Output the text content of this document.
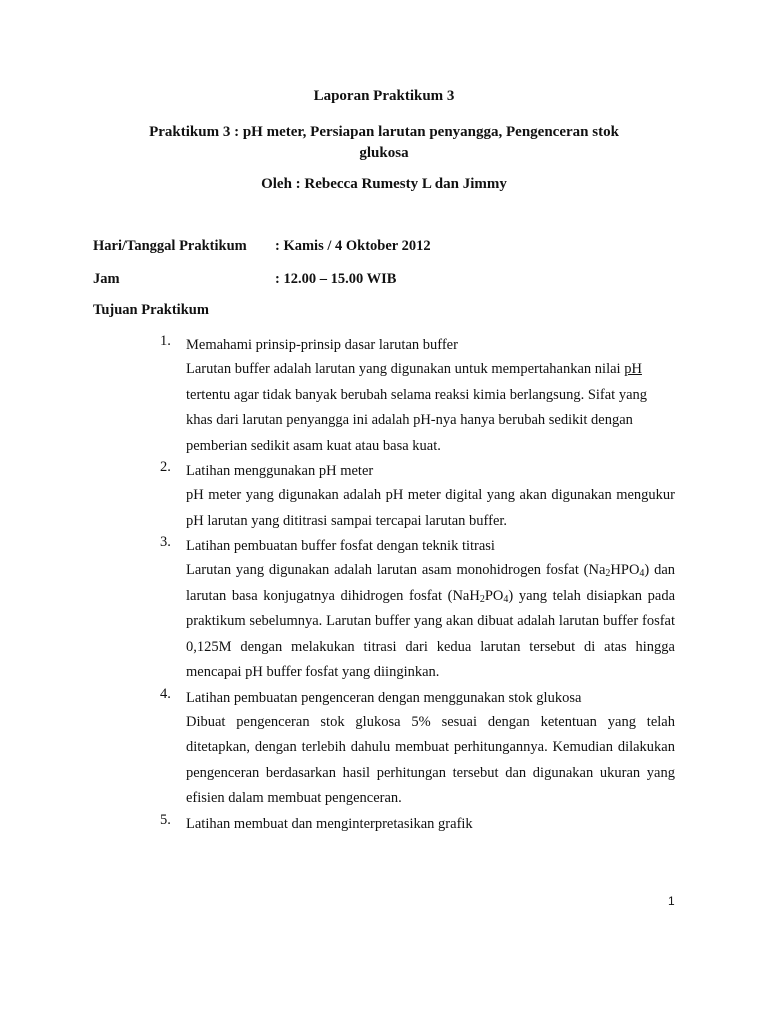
Laporan Praktikum 3
Praktikum 3 : pH meter, Persiapan larutan penyangga, Pengenceran stok
glukosa
Oleh : Rebecca Rumesty L dan Jimmy
Hari/Tanggal Praktikum : Kamis / 4 Oktober 2012
Jam	: 12.00 – 15.00 WIB
Tujuan Praktikum
1.	Memahami prinsip-prinsip dasar larutan buffer
Larutan buffer adalah larutan yang digunakan untuk mempertahankan nilai pH tertentu agar tidak banyak berubah selama reaksi kimia berlangsung. Sifat yang khas dari larutan penyangga ini adalah pH-nya hanya berubah sedikit dengan pemberian sedikit asam kuat atau basa kuat.
2.	Latihan menggunakan pH meter
pH meter yang digunakan adalah pH meter digital yang akan digunakan mengukur pH larutan yang dititrasi sampai tercapai larutan buffer.
3.	Latihan pembuatan buffer fosfat dengan teknik titrasi
Larutan yang digunakan adalah larutan asam monohidrogen fosfat $(Na_2HPO_4)$ dan larutan basa konjugatnya dihidrogen fosfat $(NaH_2PO_4)$ yang telah disiapkan pada praktikum sebelumnya. Larutan buffer yang akan dibuat adalah larutan buffer fosfat 0,125M dengan melakukan titrasi dari kedua larutan tersebut di atas hingga mencapai pH buffer fosfat yang diinginkan.
4.	Latihan pembuatan pengenceran dengan menggunakan stok glukosa
Dibuat pengenceran stok glukosa 5% sesuai dengan ketentuan yang telah ditetapkan, dengan terlebih dahulu membuat perhitungannya. Kemudian dilakukan pengenceran berdasarkan hasil perhitungan tersebut dan digunakan ukuran yang efisien dalam membuat pengenceran.
5.	Latihan membuat dan menginterpretasikan grafik
1
